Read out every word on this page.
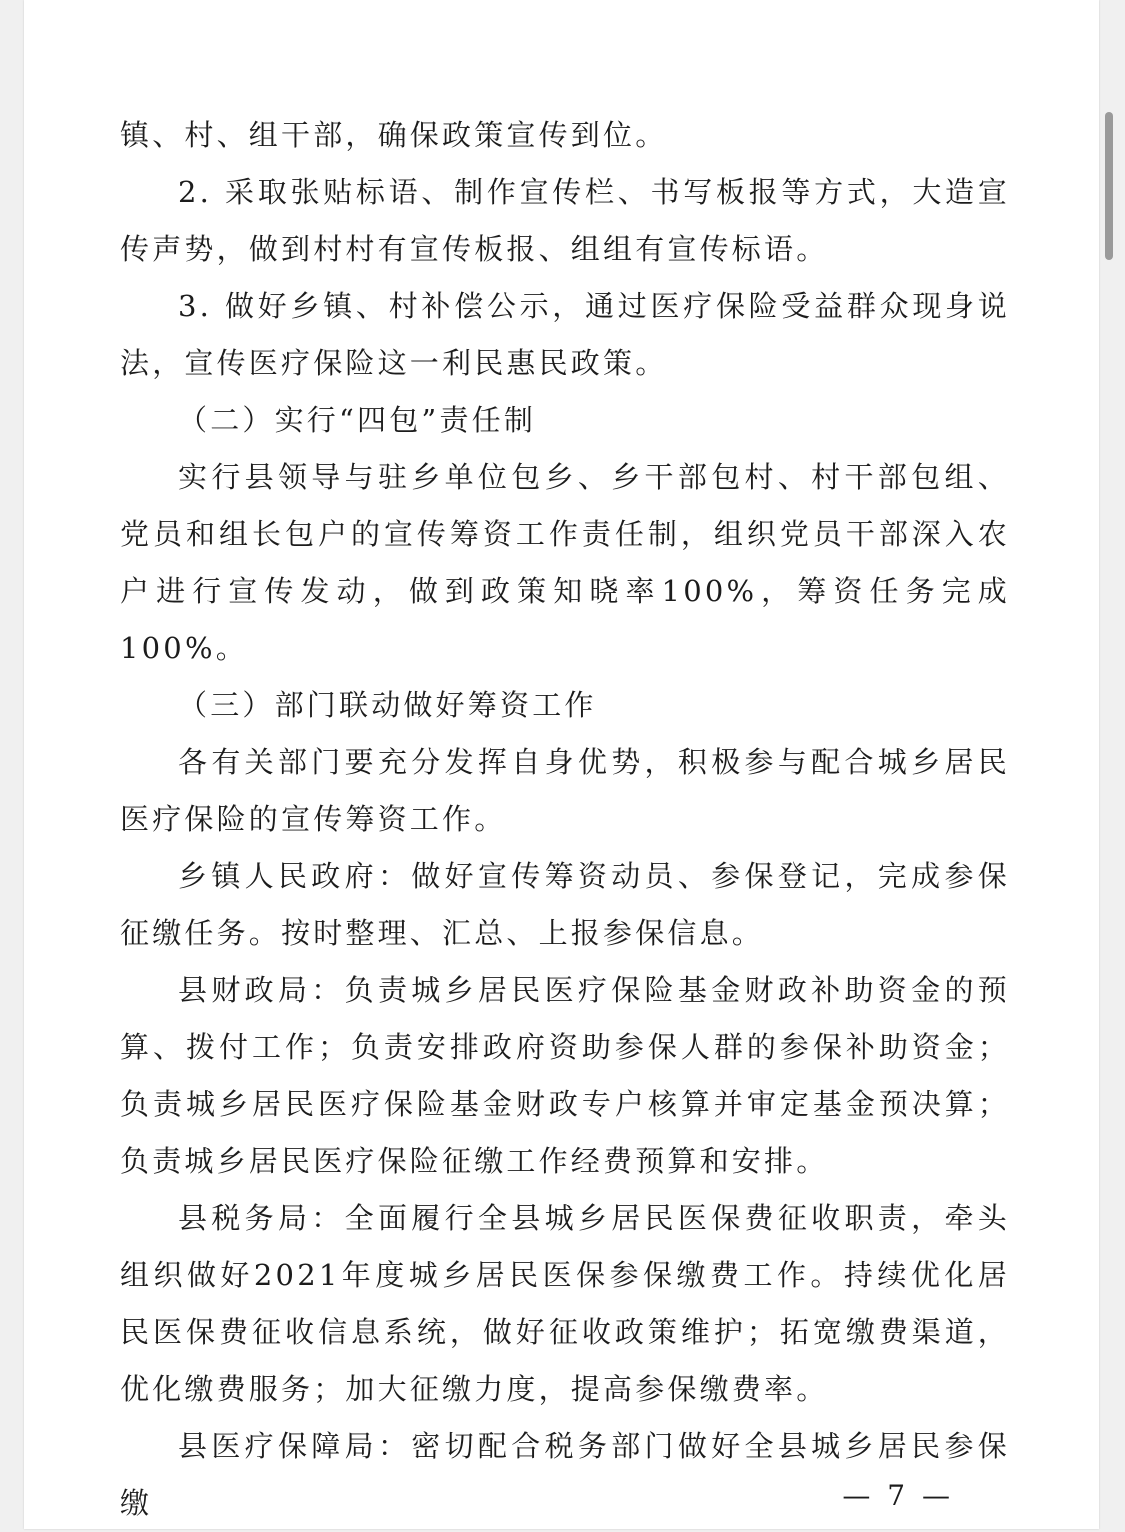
镇、村、组干部，确保政策宣传到位。

2. 采取张贴标语、制作宣传栏、书写板报等方式，大造宣传声势，做到村村有宣传板报、组组有宣传标语。

3. 做好乡镇、村补偿公示，通过医疗保险受益群众现身说法，宣传医疗保险这一利民惠民政策。

（二）实行“四包”责任制

实行县领导与驻乡单位包乡、乡干部包村、村干部包组、党员和组长包户的宣传筹资工作责任制，组织党员干部深入农户进行宣传发动，做到政策知晓率100%，筹资任务完成100%。

（三）部门联动做好筹资工作

各有关部门要充分发挥自身优势，积极参与配合城乡居民医疗保险的宣传筹资工作。

乡镇人民政府：做好宣传筹资动员、参保登记，完成参保征缴任务。按时整理、汇总、上报参保信息。

县财政局：负责城乡居民医疗保险基金财政补助资金的预算、拨付工作；负责安排政府资助参保人群的参保补助资金；负责城乡居民医疗保险基金财政专户核算并审定基金预决算；负责城乡居民医疗保险征缴工作经费预算和安排。

县税务局：全面履行全县城乡居民医保费征收职责，牵头组织做好2021年度城乡居民医保参保缴费工作。持续优化居民医保费征收信息系统，做好征收政策维护；拓宽缴费渠道，优化缴费服务；加大征缴力度，提高参保缴费率。

县医疗保障局：密切配合税务部门做好全县城乡居民参保缴	— 7 —
